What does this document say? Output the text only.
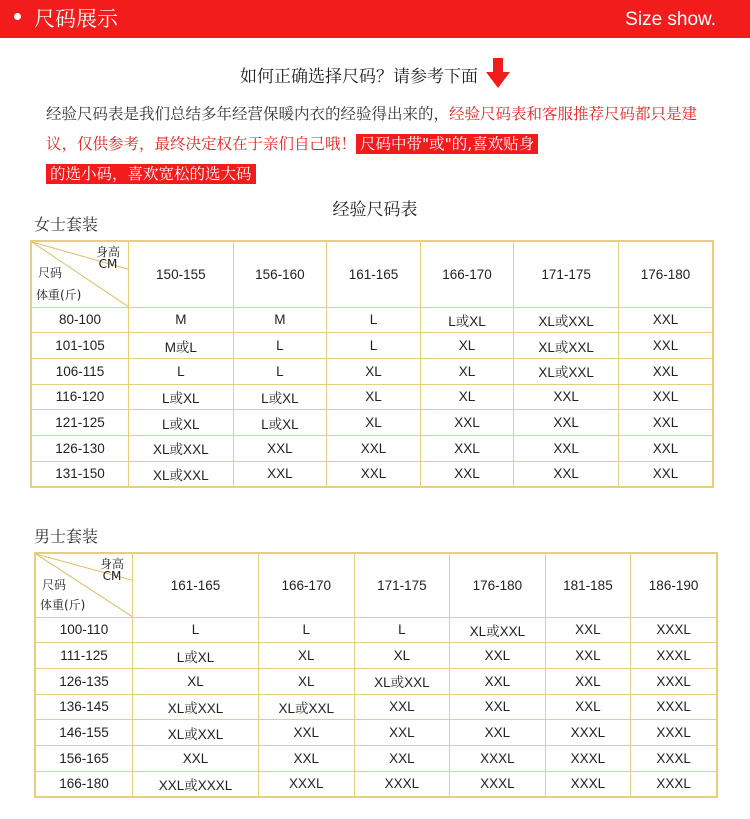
尺码展示	Size show.
如何正确选择尺码？请参考下面
经验尺码表是我们总结多年经营保暖内衣的经验得出来的，经验尺码表和客服推荐尺码都只是建议，仅供参考，最终决定权在于亲们自己哦！ 尺码中带"或"的,喜欢贴身
的选小码，喜欢宽松的选大码
经验尺码表
女士套装
身高
CM
尺码
体重(斤)	150-155	156-160	161-165	166-170	171-175	176-180
80-100	M	M	L	L或XL	XL或XXL	XXL
101-105	M或L	L	L	XL	XL或XXL	XXL
106-115	L	L	XL	XL	XL或XXL	XXL
116-120	L或XL	L或XL	XL	XL	XXL	XXL
121-125	L或XL	L或XL	XL	XXL	XXL	XXL
126-130	XL或XXL	XXL	XXL	XXL	XXL	XXL
131-150	XL或XXL	XXL	XXL	XXL	XXL	XXL
男士套装
身高
CM
尺码
体重(斤)	161-165	166-170	171-175	176-180	181-185	186-190
100-110	L	L	L	XL或XXL	XXL	XXXL
111-125	L或XL	XL	XL	XXL	XXL	XXXL
126-135	XL	XL	XL或XXL	XXL	XXL	XXXL
136-145	XL或XXL	XL或XXL	XXL	XXL	XXL	XXXL
146-155	XL或XXL	XXL	XXL	XXL	XXXL	XXXL
156-165	XXL	XXL	XXL	XXXL	XXXL	XXXL
166-180	XXL或XXXL	XXXL	XXXL	XXXL	XXXL	XXXL
